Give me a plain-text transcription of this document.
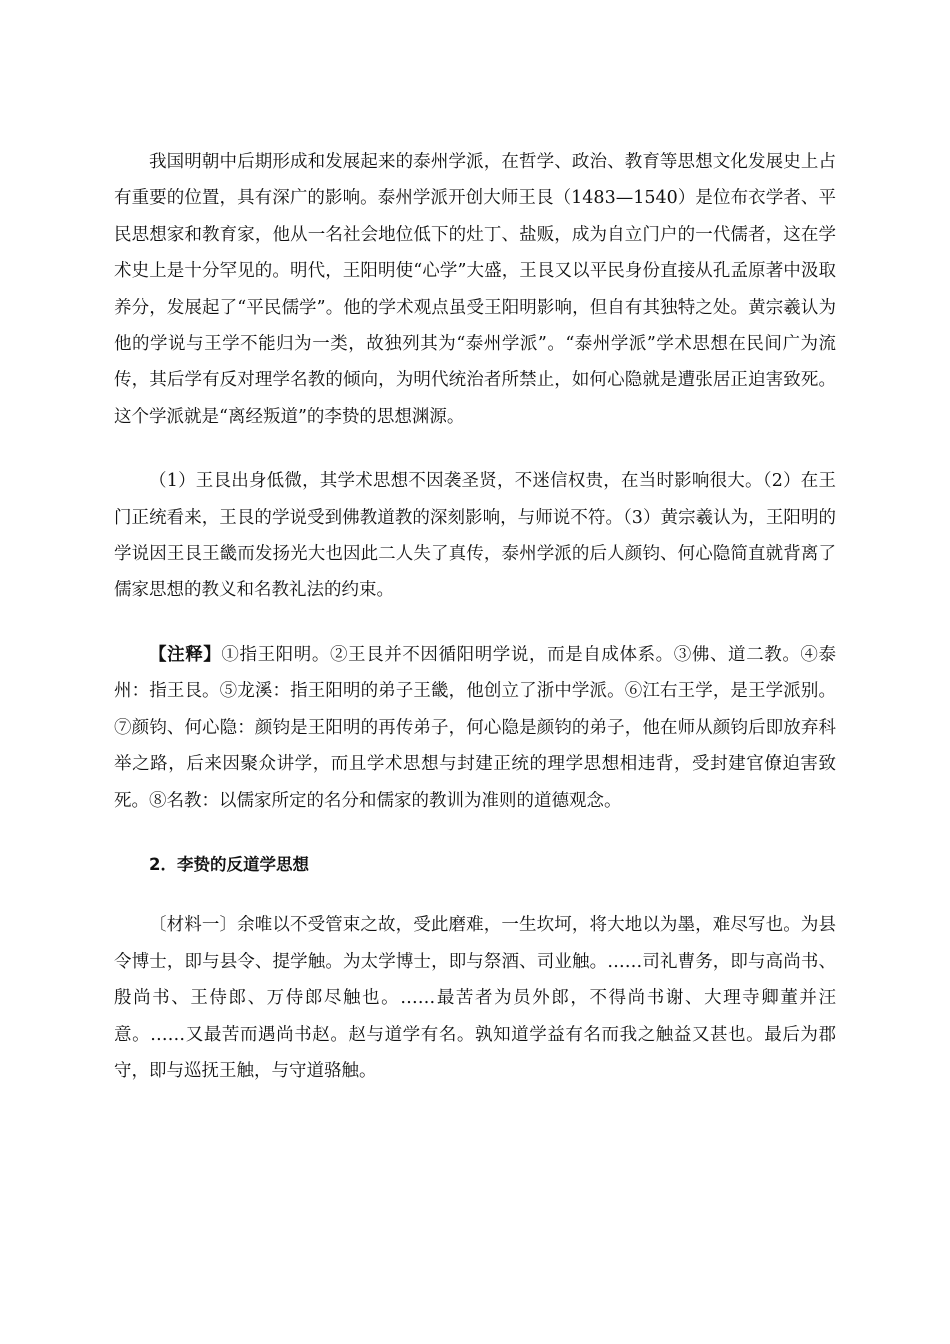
我国明朝中后期形成和发展起来的泰州学派，在哲学、政治、教育等思想文化发展史上占有重要的位置，具有深广的影响。泰州学派开创大师王艮（1483—1540）是位布衣学者、平民思想家和教育家，他从一名社会地位低下的灶丁、盐贩，成为自立门户的一代儒者，这在学术史上是十分罕见的。明代，王阳明使“心学”大盛，王艮又以平民身份直接从孔孟原著中汲取养分，发展起了“平民儒学”。他的学术观点虽受王阳明影响，但自有其独特之处。黄宗羲认为他的学说与王学不能归为一类，故独列其为“泰州学派”。“泰州学派”学术思想在民间广为流传，其后学有反对理学名教的倾向，为明代统治者所禁止，如何心隐就是遭张居正迫害致死。这个学派就是“离经叛道”的李贽的思想渊源。

（1）王艮出身低微，其学术思想不因袭圣贤，不迷信权贵，在当时影响很大。（2）在王门正统看来，王艮的学说受到佛教道教的深刻影响，与师说不符。（3）黄宗羲认为，王阳明的学说因王艮王畿而发扬光大也因此二人失了真传，泰州学派的后人颜钧、何心隐简直就背离了儒家思想的教义和名教礼法的约束。

【注释】①指王阳明。②王艮并不因循阳明学说，而是自成体系。③佛、道二教。④泰州：指王艮。⑤龙溪：指王阳明的弟子王畿，他创立了浙中学派。⑥江右王学，是王学派别。⑦颜钧、何心隐：颜钧是王阳明的再传弟子，何心隐是颜钧的弟子，他在师从颜钧后即放弃科举之路，后来因聚众讲学，而且学术思想与封建正统的理学思想相违背，受封建官僚迫害致死。⑧名教：以儒家所定的名分和儒家的教训为准则的道德观念。

2．李贽的反道学思想

〔材料一〕余唯以不受管束之故，受此磨难，一生坎坷，将大地以为墨，难尽写也。为县令博士，即与县令、提学触。为太学博士，即与祭酒、司业触。……司礼曹务，即与高尚书、殷尚书、王侍郎、万侍郎尽触也。……最苦者为员外郎，不得尚书谢、大理寺卿董并汪意。……又最苦而遇尚书赵。赵与道学有名。孰知道学益有名而我之触益又甚也。最后为郡守，即与巡抚王触，与守道骆触。
